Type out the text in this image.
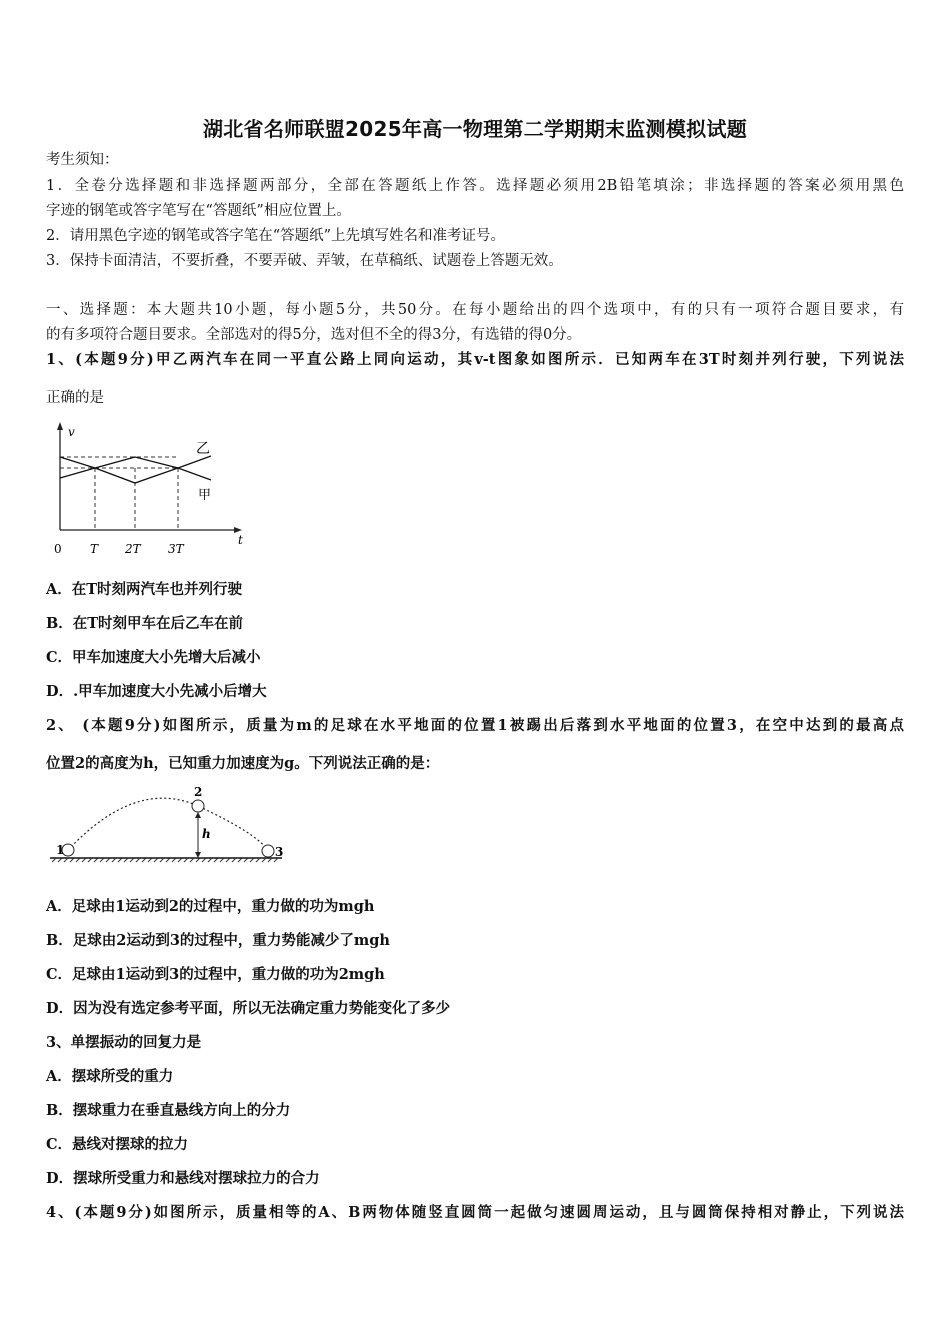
湖北省名师联盟2025年高一物理第二学期期末监测模拟试题
考生须知：
1．全卷分选择题和非选择题两部分，全部在答题纸上作答。选择题必须用2B铅笔填涂；非选择题的答案必须用黑色
字迹的钢笔或答字笔写在“答题纸”相应位置上。
2．请用黑色字迹的钢笔或答字笔在“答题纸”上先填写姓名和准考证号。
3．保持卡面清洁，不要折叠，不要弄破、弄皱，在草稿纸、试题卷上答题无效。
一、选择题：本大题共10小题，每小题5分，共50分。在每小题给出的四个选项中，有的只有一项符合题目要求，有
的有多项符合题目要求。全部选对的得5分，选对但不全的得3分，有选错的得0分。
1、(本题9分)甲乙两汽车在同一平直公路上同向运动，其v-t图象如图所示．已知两车在3T时刻并列行驶，下列说法
正确的是
v
t
乙
甲
0 T 2T 3T
A．在T时刻两汽车也并列行驶
B．在T时刻甲车在后乙车在前
C．甲车加速度大小先增大后减小
D．.甲车加速度大小先减小后增大
2、 (本题9分)如图所示，质量为m的足球在水平地面的位置1被踢出后落到水平地面的位置3，在空中达到的最高点
位置2的高度为h，已知重力加速度为g。下列说法正确的是：
1
2
3
h
A．足球由1运动到2的过程中，重力做的功为mgh
B．足球由2运动到3的过程中，重力势能减少了mgh
C．足球由1运动到3的过程中，重力做的功为2mgh
D．因为没有选定参考平面，所以无法确定重力势能变化了多少
3、单摆振动的回复力是
A．摆球所受的重力
B．摆球重力在垂直悬线方向上的分力
C．悬线对摆球的拉力
D．摆球所受重力和悬线对摆球拉力的合力
4、(本题9分)如图所示，质量相等的A、B两物体随竖直圆筒一起做匀速圆周运动，且与圆筒保持相对静止，下列说法
